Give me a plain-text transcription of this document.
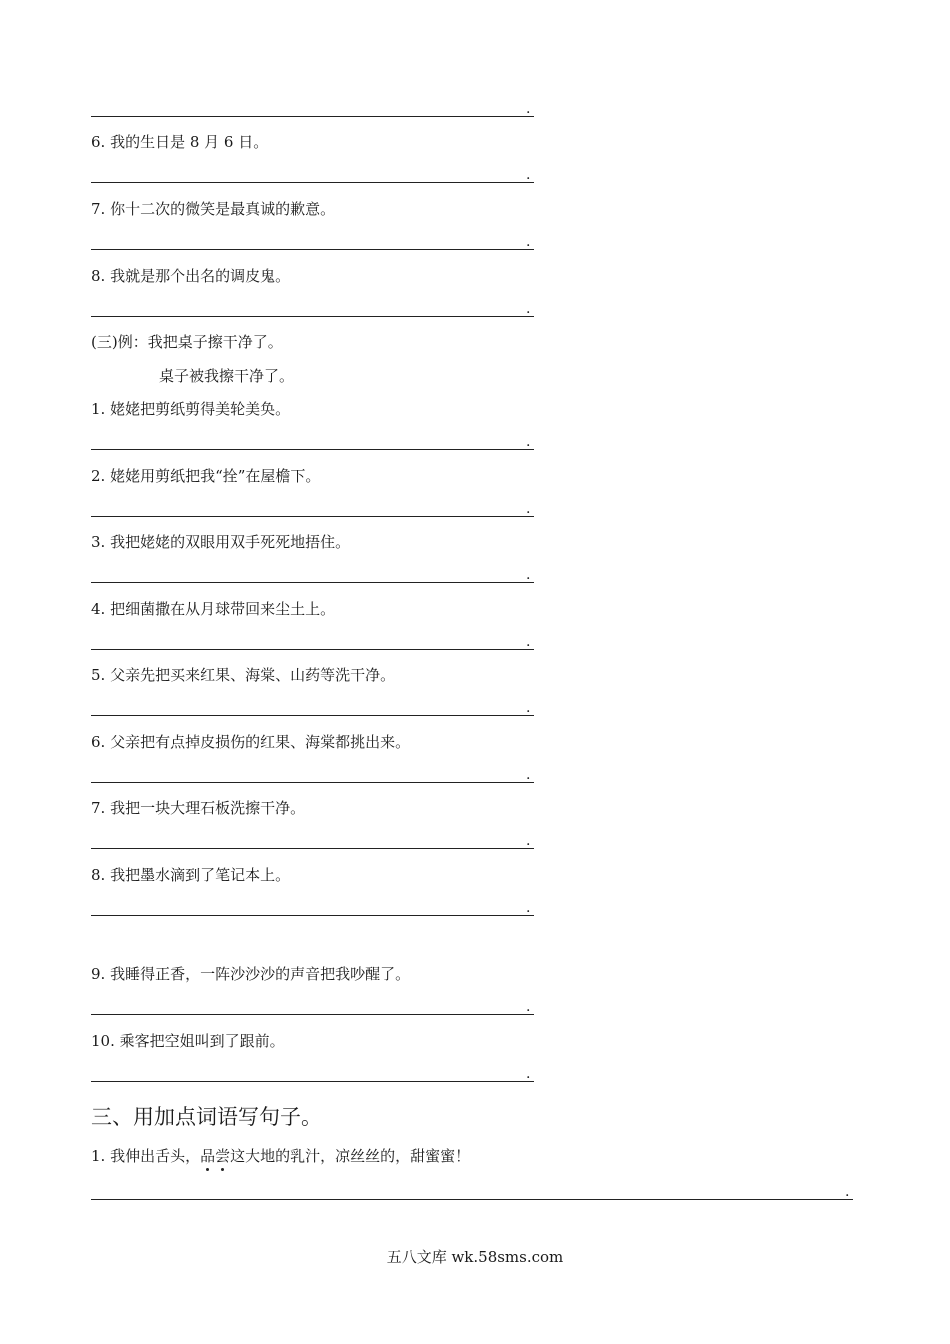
.
6. 我的生日是 8 月 6 日。
.
7. 你十二次的微笑是最真诚的歉意。
.
8. 我就是那个出名的调皮鬼。
.
(三)例：我把桌子擦干净了。
桌子被我擦干净了。
1. 姥姥把剪纸剪得美轮美奂。
.
2. 姥姥用剪纸把我“拴”在屋檐下。
.
3. 我把姥姥的双眼用双手死死地捂住。
.
4. 把细菌撒在从月球带回来尘土上。
.
5. 父亲先把买来红果、海棠、山药等洗干净。
.
6. 父亲把有点掉皮损伤的红果、海棠都挑出来。
.
7. 我把一块大理石板洗擦干净。
.
8. 我把墨水滴到了笔记本上。
.
9. 我睡得正香，一阵沙沙沙的声音把我吵醒了。
.
10. 乘客把空姐叫到了跟前。
.
三、用加点词语写句子。
1. 我伸出舌头，品尝这大地的乳汁，凉丝丝的，甜蜜蜜！
.
五八文库 wk.58sms.com
